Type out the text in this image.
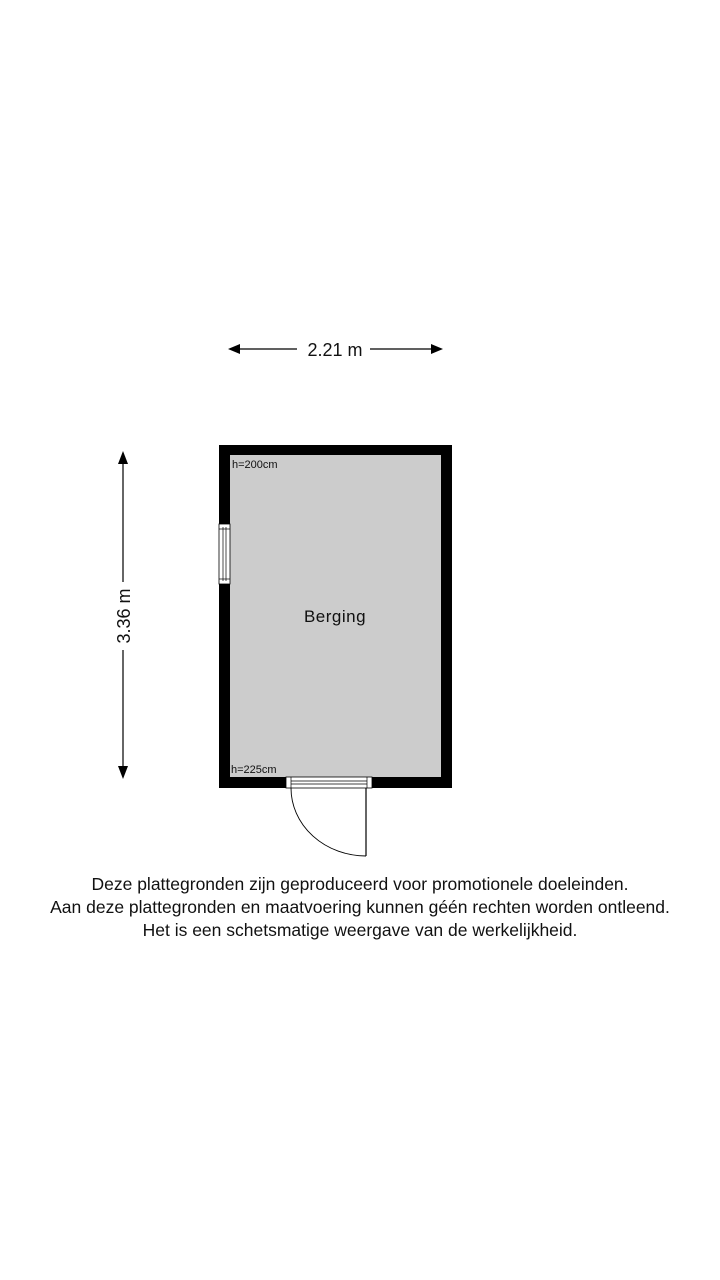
2.21 m
3.36 m	Berging
h=200cm
h=225cm
Deze plattegronden zijn geproduceerd voor promotionele doeleinden.
Aan deze plattegronden en maatvoering kunnen géén rechten worden ontleend.
Het is een schetsmatige weergave van de werkelijkheid.
